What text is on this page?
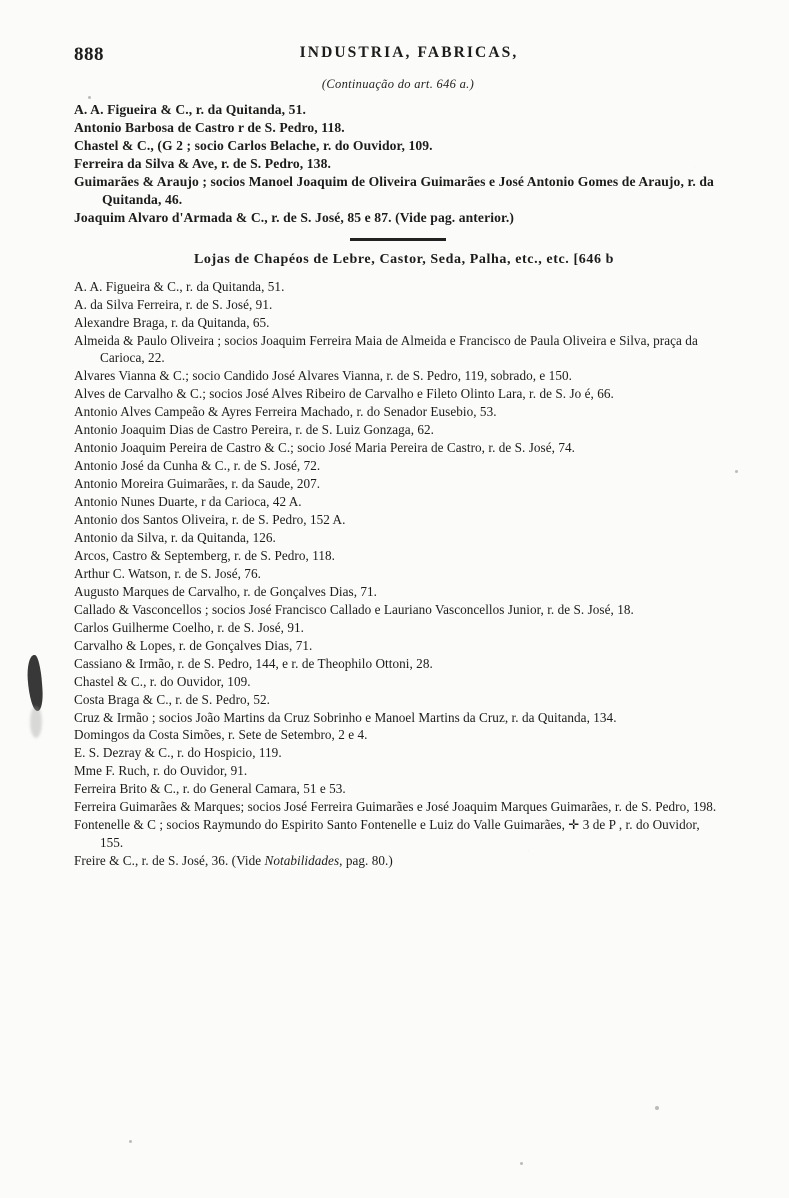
888	INDUSTRIA, FABRICAS,
(Continuação do art. 646 a.)
A. A. Figueira & C., r. da Quitanda, 51.
Antonio Barbosa de Castro r de S. Pedro, 118.
Chastel & C., (G 2 ; socio Carlos Belache, r. do Ouvidor, 109.
Ferreira da Silva & Ave, r. de S. Pedro, 138.
Guimarães & Araujo ; socios Manoel Joaquim de Oliveira Guimarães e José Antonio Gomes de Araujo, r. da Quitanda, 46.
Joaquim Alvaro d'Armada & C., r. de S. José, 85 e 87. (Vide pag. anterior.)
Lojas de Chapéos de Lebre, Castor, Seda, Palha, etc., etc. [646 b
A. A. Figueira & C., r. da Quitanda, 51.
A. da Silva Ferreira, r. de S. José, 91.
Alexandre Braga, r. da Quitanda, 65.
Almeida & Paulo Oliveira ; socios Joaquim Ferreira Maia de Almeida e Francisco de Paula Oliveira e Silva, praça da Carioca, 22.
Alvares Vianna & C.; socio Candido José Alvares Vianna, r. de S. Pedro, 119, sobrado, e 150.
Alves de Carvalho & C.; socios José Alves Ribeiro de Carvalho e Fileto Olinto Lara, r. de S. Jo é, 66.
Antonio Alves Campeão & Ayres Ferreira Machado, r. do Senador Eusebio, 53.
Antonio Joaquim Dias de Castro Pereira, r. de S. Luiz Gonzaga, 62.
Antonio Joaquim Pereira de Castro & C.; socio José Maria Pereira de Castro, r. de S. José, 74.
Antonio José da Cunha & C., r. de S. José, 72.
Antonio Moreira Guimarães, r. da Saude, 207.
Antonio Nunes Duarte, r da Carioca, 42 A.
Antonio dos Santos Oliveira, r. de S. Pedro, 152 A.
Antonio da Silva, r. da Quitanda, 126.
Arcos, Castro & Septemberg, r. de S. Pedro, 118.
Arthur C. Watson, r. de S. José, 76.
Augusto Marques de Carvalho, r. de Gonçalves Dias, 71.
Callado & Vasconcellos ; socios José Francisco Callado e Lauriano Vasconcellos Junior, r. de S. José, 18.
Carlos Guilherme Coelho, r. de S. José, 91.
Carvalho & Lopes, r. de Gonçalves Dias, 71.
Cassiano & Irmão, r. de S. Pedro, 144, e r. de Theophilo Ottoni, 28.
Chastel & C., r. do Ouvidor, 109.
Costa Braga & C., r. de S. Pedro, 52.
Cruz & Irmão ; socios João Martins da Cruz Sobrinho e Manoel Martins da Cruz, r. da Quitanda, 134.
Domingos da Costa Simões, r. Sete de Setembro, 2 e 4.
E. S. Dezray & C., r. do Hospicio, 119.
Mme F. Ruch, r. do Ouvidor, 91.
Ferreira Brito & C., r. do General Camara, 51 e 53.
Ferreira Guimarães & Marques; socios José Ferreira Guimarães e José Joaquim Marques Guimarães, r. de S. Pedro, 198.
Fontenelle & C ; socios Raymundo do Espirito Santo Fontenelle e Luiz do Valle Guimarães, ✛ 3 de P , r. do Ouvidor, 155.
Freire & C., r. de S. José, 36. (Vide Notabilidades, pag. 80.)
